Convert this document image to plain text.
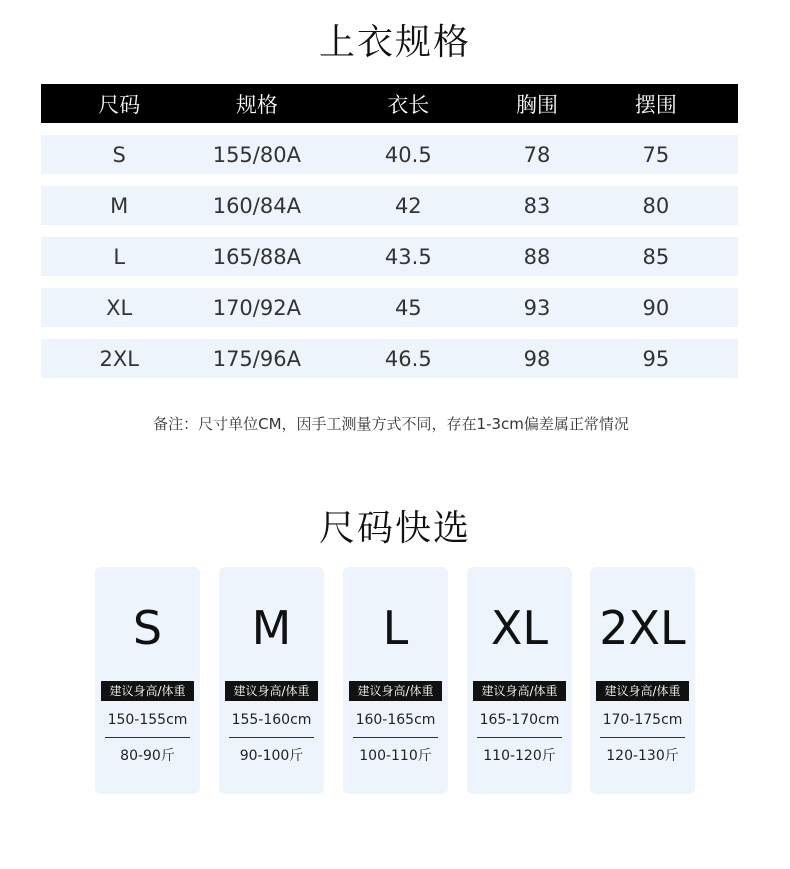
上衣规格
尺码	规格	衣长	胸围	摆围
S	155/80A	40.5	78	75
M	160/84A	42	83	80
L	165/88A	43.5	88	85
XL	170/92A	45	93	90
2XL	175/96A	46.5	98	95
备注：尺寸单位CM，因手工测量方式不同，存在1-3cm偏差属正常情况
尺码快选
S
建议身高/体重
150-155cm
80-90斤
M
建议身高/体重
155-160cm
90-100斤
L
建议身高/体重
160-165cm
100-110斤
XL
建议身高/体重
165-170cm
110-120斤
2XL
建议身高/体重
170-175cm
120-130斤
